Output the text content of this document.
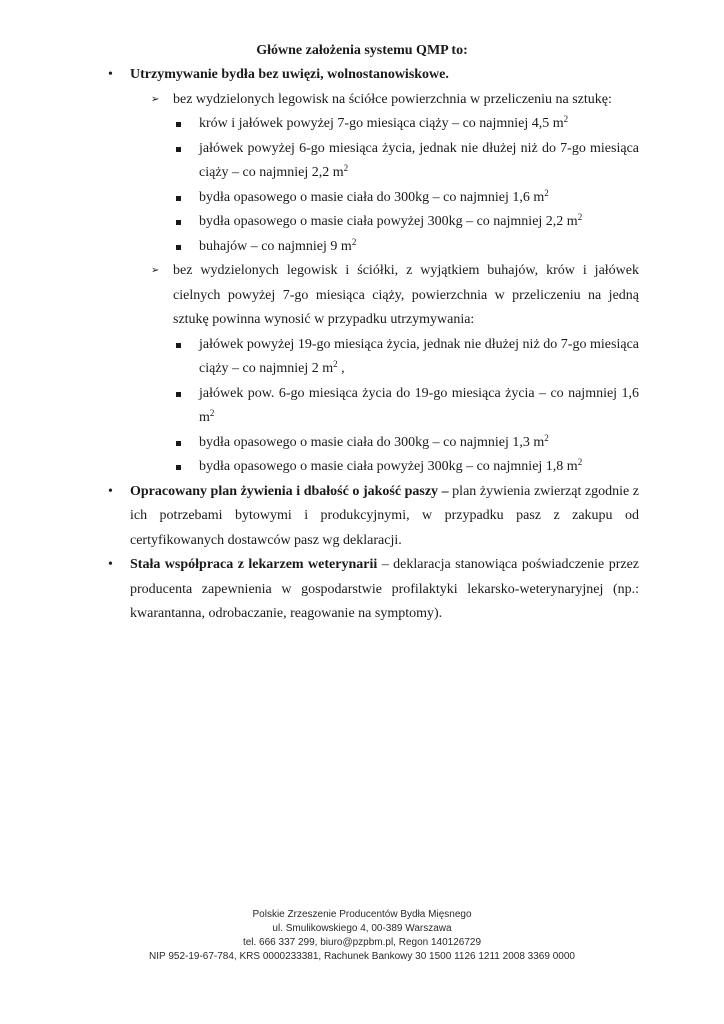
Główne założenia systemu QMP to:
• Utrzymywanie bydła bez uwięzi, wolnostanowiskowe.
➢ bez wydzielonych legowisk na ściółce powierzchnia w przeliczeniu na sztukę:
krów i jałówek powyżej 7-go miesiąca ciąży – co najmniej 4,5 $m^2$
jałówek powyżej 6-go miesiąca życia, jednak nie dłużej niż do 7-go miesiąca ciąży – co najmniej 2,2 $m^2$
bydła opasowego o masie ciała do 300kg – co najmniej 1,6 $m^2$
bydła opasowego o masie ciała powyżej 300kg – co najmniej 2,2 $m^2$
buhajów – co najmniej 9 $m^2$
➢ bez wydzielonych legowisk i ściółki, z wyjątkiem buhajów, krów i jałówek cielnych powyżej 7-go miesiąca ciąży, powierzchnia w przeliczeniu na jedną sztukę powinna wynosić w przypadku utrzymywania:
jałówek powyżej 19-go miesiąca życia, jednak nie dłużej niż do 7-go miesiąca ciąży – co najmniej 2 $m^2$ ,
jałówek pow. 6-go miesiąca życia do 19-go miesiąca życia – co najmniej 1,6 $m^2$
bydła opasowego o masie ciała do 300kg – co najmniej 1,3 $m^2$
bydła opasowego o masie ciała powyżej 300kg – co najmniej 1,8 $m^2$
• Opracowany plan żywienia i dbałość o jakość paszy – plan żywienia zwierząt zgodnie z ich potrzebami bytowymi i produkcyjnymi, w przypadku pasz z zakupu od certyfikowanych dostawców pasz wg deklaracji.
• Stała współpraca z lekarzem weterynarii – deklaracja stanowiąca poświadczenie przez producenta zapewnienia w gospodarstwie profilaktyki lekarsko-weterynaryjnej (np.: kwarantanna, odrobaczanie, reagowanie na symptomy).
Polskie Zrzeszenie Producentów Bydła Mięsnego
ul. Smulikowskiego 4, 00-389 Warszawa
tel. 666 337 299, biuro@pzpbm.pl, Regon 140126729
NIP 952-19-67-784, KRS 0000233381, Rachunek Bankowy 30 1500 1126 1211 2008 3369 0000
